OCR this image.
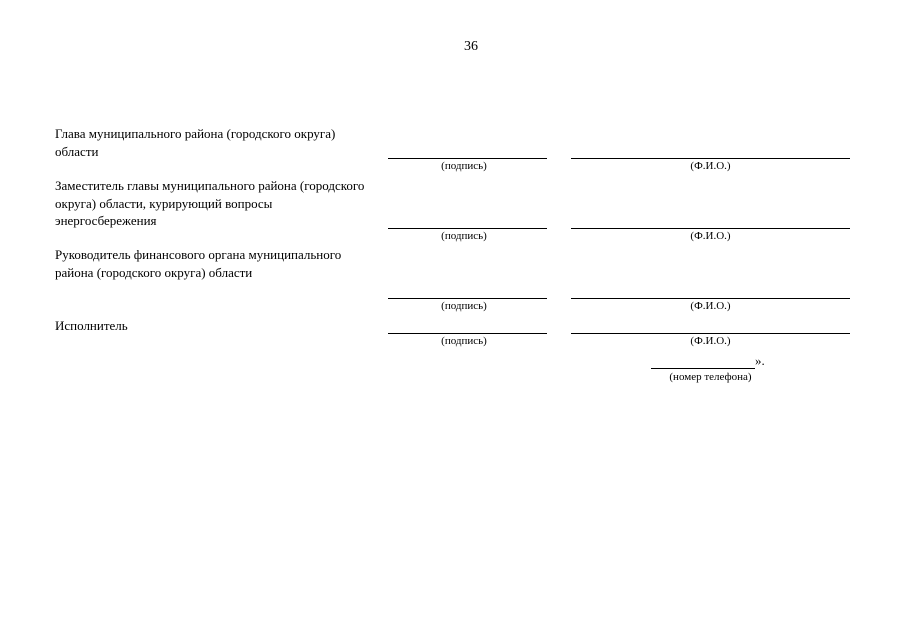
36
Глава муниципального района (городского округа) области
(подпись)	(Ф.И.О.)
Заместитель главы муниципального района (городского округа) области, курирующий вопросы энергосбережения
(подпись)	(Ф.И.О.)
Руководитель финансового органа муниципального района (городского округа) области
(подпись)	(Ф.И.О.)
Исполнитель
(подпись)	(Ф.И.О.)
».
(номер телефона)
